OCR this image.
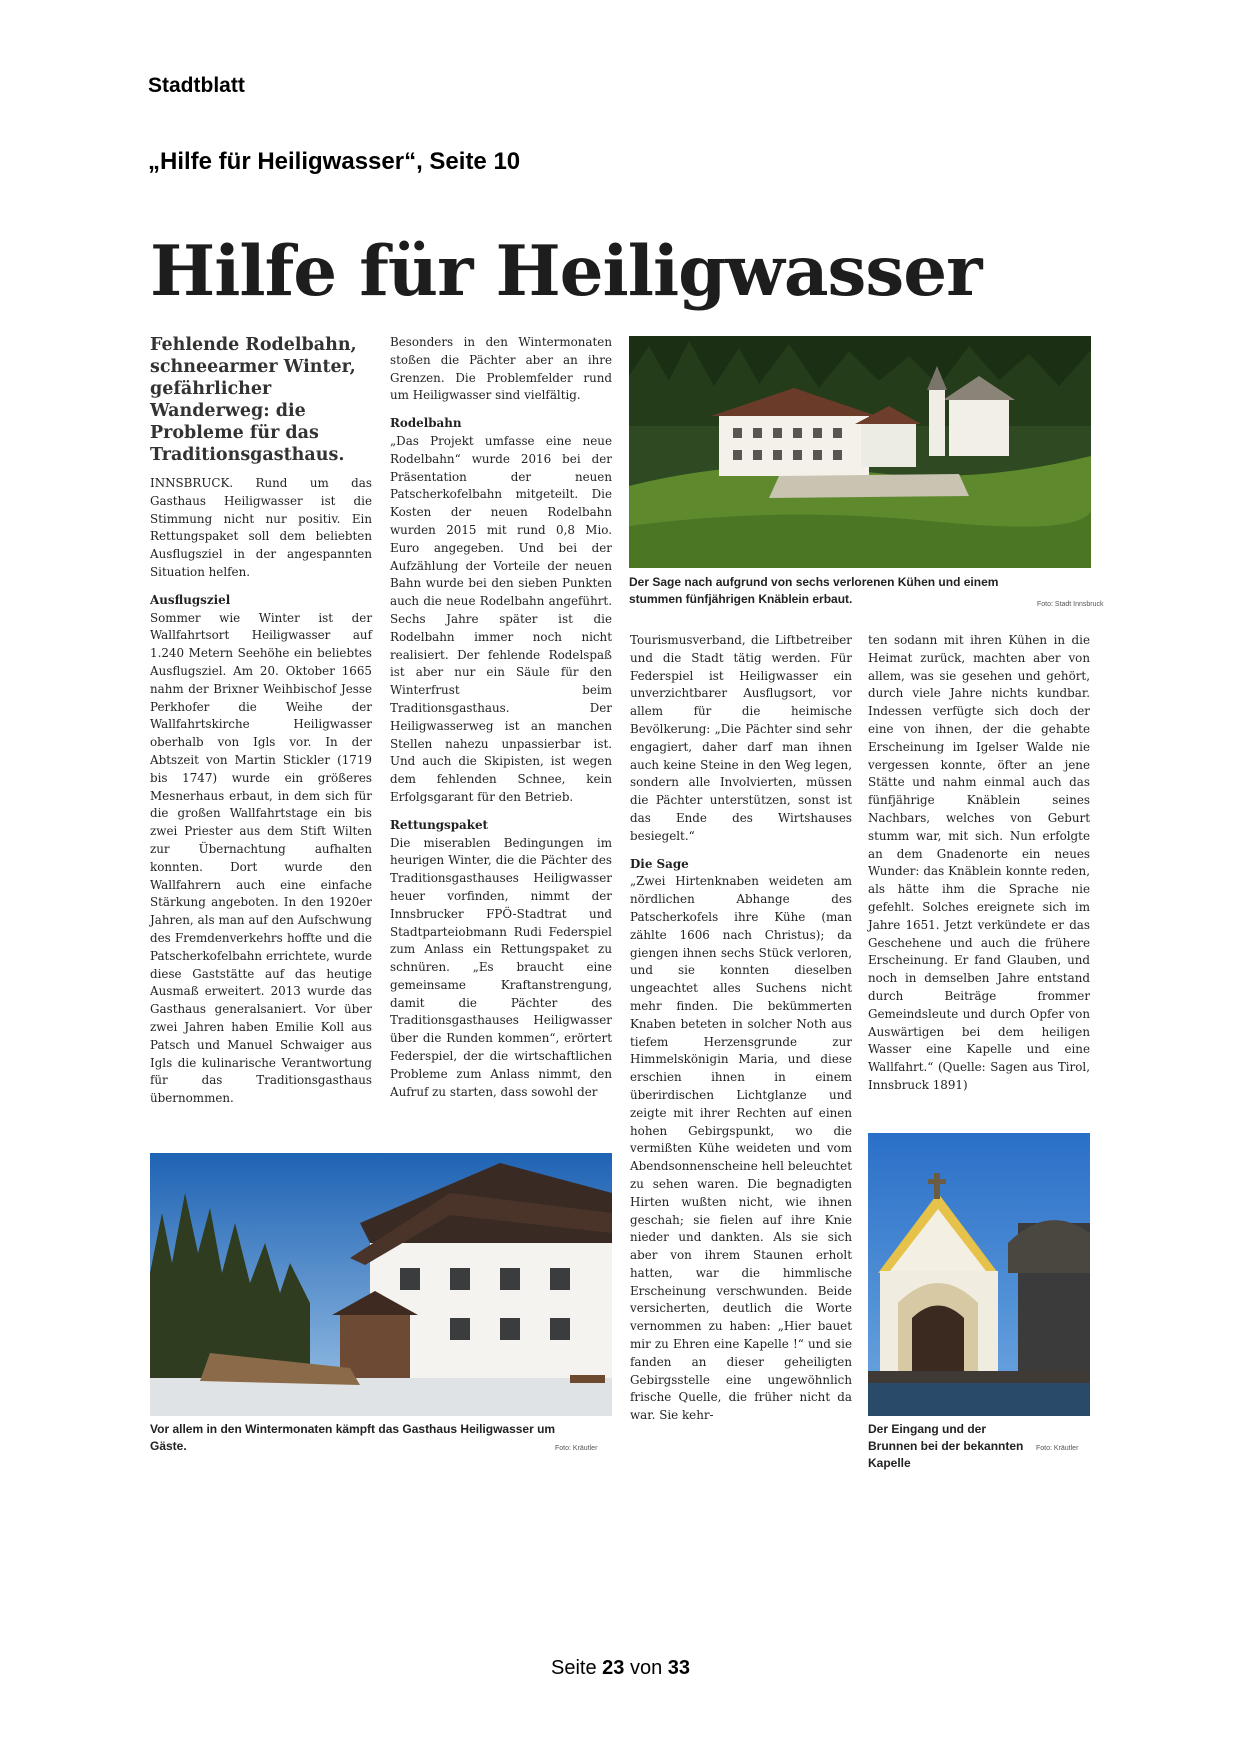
Stadtblatt
„Hilfe für Heiligwasser“, Seite 10
Hilfe für Heiligwasser

Fehlende Rodelbahn, schneearmer Winter, gefährlicher Wanderweg: die Probleme für das Traditionsgasthaus.

INNSBRUCK. Rund um das Gasthaus Heiligwasser ist die Stimmung nicht nur positiv. Ein Rettungspaket soll dem beliebten Ausflugsziel in der angespannten Situation helfen.

Ausflugsziel

Sommer wie Winter ist der Wallfahrtsort Heiligwasser auf 1.240 Metern Seehöhe ein beliebtes Ausflugsziel. Am 20. Oktober 1665 nahm der Brixner Weihbischof Jesse Perkhofer die Weihe der Wallfahrtskirche Heiligwasser oberhalb von Igls vor. In der Abtszeit von Martin Stickler (1719 bis 1747) wurde ein größeres Mesnerhaus erbaut, in dem sich für die großen Wallfahrtstage ein bis zwei Priester aus dem Stift Wilten zur Übernachtung aufhalten konnten. Dort wurde den Wallfahrern auch eine einfache Stärkung angeboten. In den 1920er Jahren, als man auf den Aufschwung des Fremdenverkehrs hoffte und die Patscherkofelbahn errichtete, wurde diese Gaststätte auf das heutige Ausmaß erweitert. 2013 wurde das Gasthaus generalsaniert. Vor über zwei Jahren haben Emilie Koll aus Patsch und Manuel Schwaiger aus Igls die kulinarische Verantwortung für das Traditionsgasthaus übernommen.

Besonders in den Wintermonaten stoßen die Pächter aber an ihre Grenzen. Die Problemfelder rund um Heiligwasser sind vielfältig.

Rodelbahn

„Das Projekt umfasse eine neue Rodelbahn“ wurde 2016 bei der Präsentation der neuen Patscherkofelbahn mitgeteilt. Die Kosten der neuen Rodelbahn wurden 2015 mit rund 0,8 Mio. Euro angegeben. Und bei der Aufzählung der Vorteile der neuen Bahn wurde bei den sieben Punkten auch die neue Rodelbahn angeführt. Sechs Jahre später ist die Rodelbahn immer noch nicht realisiert. Der fehlende Rodelspaß ist aber nur ein Säule für den Winterfrust beim Traditionsgasthaus. Der Heiligwasserweg ist an manchen Stellen nahezu unpassierbar ist. Und auch die Skipisten, ist wegen dem fehlenden Schnee, kein Erfolgsgarant für den Betrieb.

Rettungspaket

Die miserablen Bedingungen im heurigen Winter, die die Pächter des Traditionsgasthauses Heiligwasser heuer vorfinden, nimmt der Innsbrucker FPÖ-Stadtrat und Stadtparteiobmann Rudi Federspiel zum Anlass ein Rettungspaket zu schnüren. „Es braucht eine gemeinsame Kraftanstrengung, damit die Pächter des Traditionsgasthauses Heiligwasser über die Runden kommen“, erörtert Federspiel, der die wirtschaftlichen Probleme zum Anlass nimmt, den Aufruf zu starten, dass sowohl der

Tourismusverband, die Liftbetreiber und die Stadt tätig werden. Für Federspiel ist Heiligwasser ein unverzichtbarer Ausflugsort, vor allem für die heimische Bevölkerung: „Die Pächter sind sehr engagiert, daher darf man ihnen auch keine Steine in den Weg legen, sondern alle Involvierten, müssen die Pächter unterstützen, sonst ist das Ende des Wirtshauses besiegelt.“

Die Sage

„Zwei Hirtenknaben weideten am nördlichen Abhange des Patscherkofels ihre Kühe (man zählte 1606 nach Christus); da giengen ihnen sechs Stück verloren, und sie konnten dieselben ungeachtet alles Suchens nicht mehr finden. Die bekümmerten Knaben beteten in solcher Noth aus tiefem Herzensgrunde zur Himmelskönigin Maria, und diese erschien ihnen in einem überirdischen Lichtglanze und zeigte mit ihrer Rechten auf einen hohen Gebirgspunkt, wo die vermißten Kühe weideten und vom Abendsonnenscheine hell beleuchtet zu sehen waren. Die begnadigten Hirten wußten nicht, wie ihnen geschah; sie fielen auf ihre Knie nieder und dankten. Als sie sich aber von ihrem Staunen erholt hatten, war die himmlische Erscheinung verschwunden. Beide versicherten, deutlich die Worte vernommen zu haben: „Hier bauet mir zu Ehren eine Kapelle !“ und sie fanden an dieser geheiligten Gebirgsstelle eine ungewöhnlich frische Quelle, die früher nicht da war. Sie kehr-

ten sodann mit ihren Kühen in die Heimat zurück, machten aber von allem, was sie gesehen und gehört, durch viele Jahre nichts kundbar. Indessen verfügte sich doch der eine von ihnen, der die gehabte Erscheinung im Igelser Walde nie vergessen konnte, öfter an jene Stätte und nahm einmal auch das fünfjährige Knäblein seines Nachbars, welches von Geburt stumm war, mit sich. Nun erfolgte an dem Gnadenorte ein neues Wunder: das Knäblein konnte reden, als hätte ihm die Sprache nie gefehlt. Solches ereignete sich im Jahre 1651. Jetzt verkündete er das Geschehene und auch die frühere Erscheinung. Er fand Glauben, und noch in demselben Jahre entstand durch Beiträge frommer Gemeindsleute und durch Opfer von Auswärtigen bei dem heiligen Wasser eine Kapelle und eine Wallfahrt.“ (Quelle: Sagen aus Tirol, Innsbruck 1891)

Der Sage nach aufgrund von sechs verlorenen Kühen und einem stummen fünfjährigen Knäblein erbaut.	Foto: Stadt Innsbruck
Vor allem in den Wintermonaten kämpft das Gasthaus Heiligwasser um Gäste.	Foto: Kräutler
Der Eingang und der Brunnen bei der bekannten Kapelle
Foto: Kräutler
Seite 23 von 33
